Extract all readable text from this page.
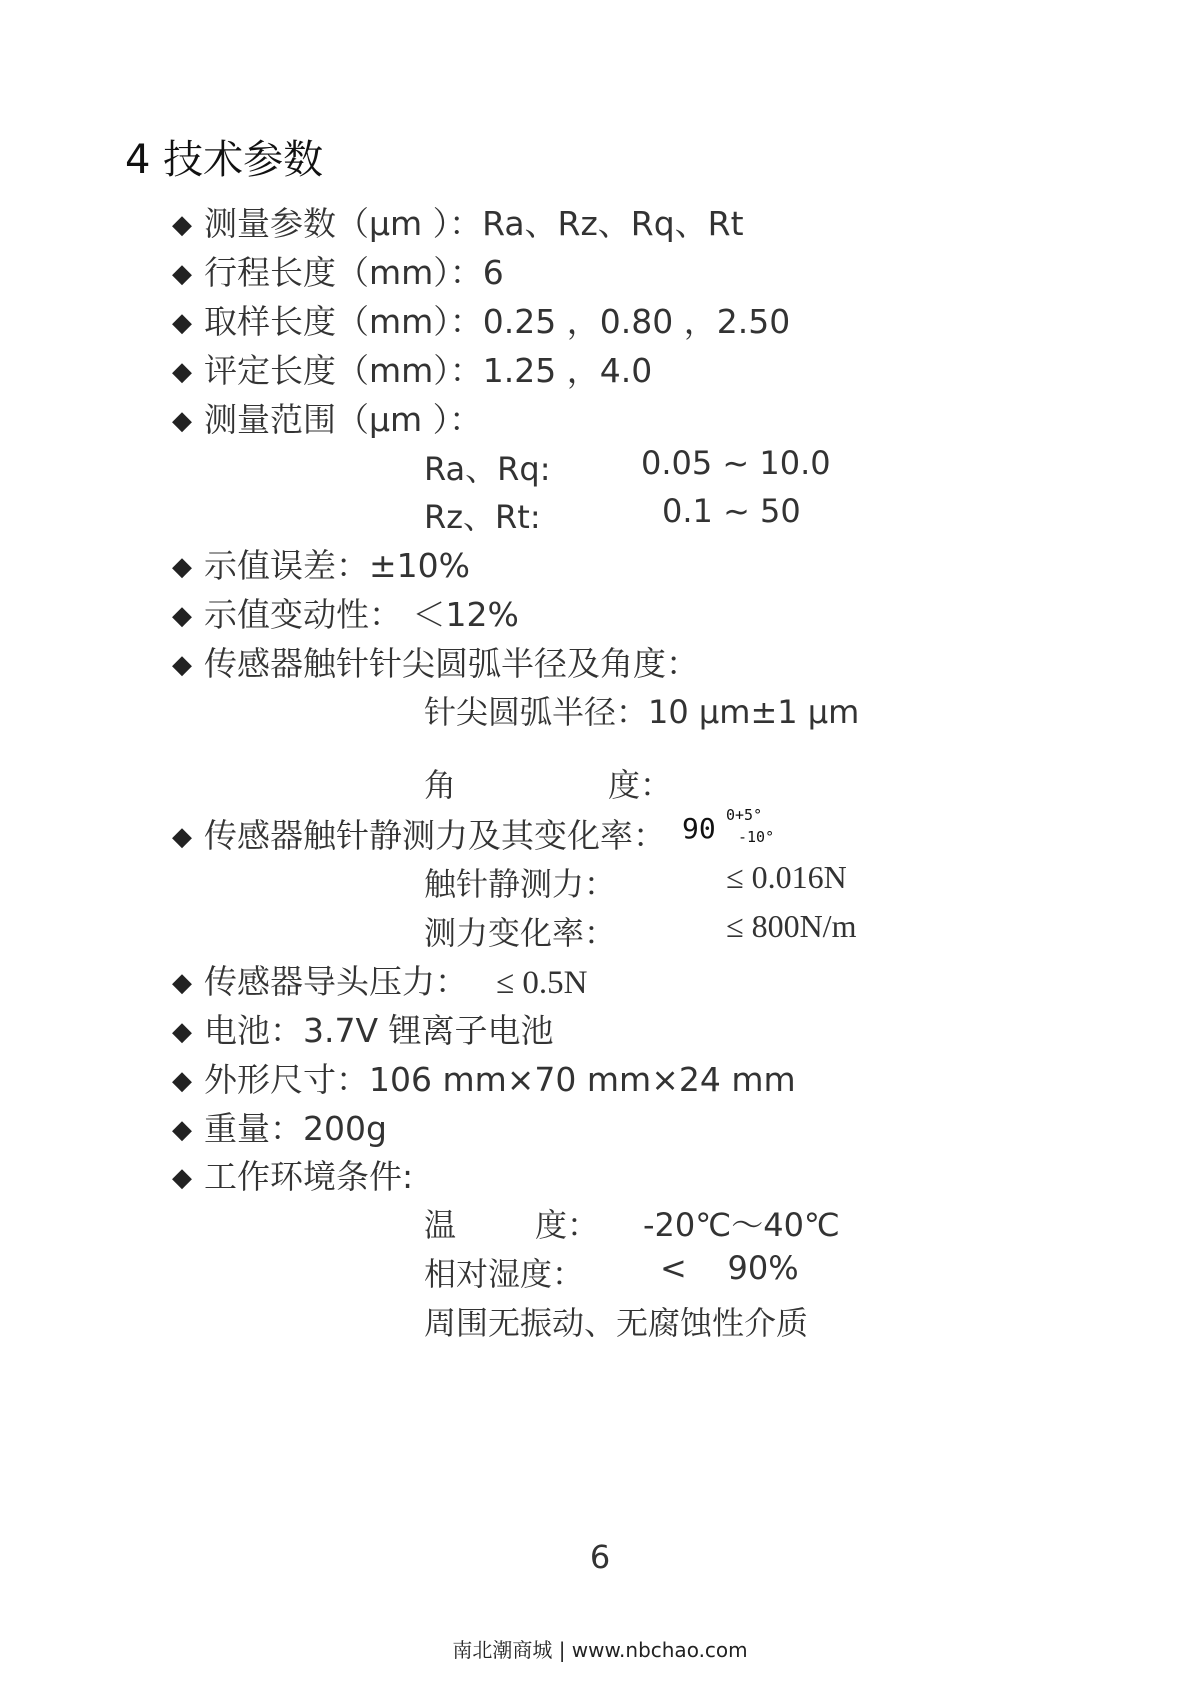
4 技术参数
◆ 测量参数（μm ）：Ra、Rz、Rq、Rt
◆ 行程长度（mm）：6
◆ 取样长度（mm）：0.25 ，0.80 ，2.50
◆ 评定长度（mm）：1.25 ，4.0
◆ 测量范围（μm ）：
Ra、Rq:	0.05 ~ 10.0
Rz、Rt:	0.1 ~ 50
◆ 示值误差：±10%
◆ 示值变动性： ＜12%
◆ 传感器触针针尖圆弧半径及角度：
针尖圆弧半径：10 μm±1 μm
角	度：
90 0+5°
-10°
◆ 传感器触针静测力及其变化率：
触针静测力：	≤ 0.016N
测力变化率：	≤ 800N/m
◆ 传感器导头压力： ≤ 0.5N
◆ 电池：3.7V 锂离子电池
◆ 外形尺寸：106 mm×70 mm×24 mm
◆ 重量：200g
◆ 工作环境条件:
温 度： -20℃～40℃
相对湿度： <    90%
周围无振动、无腐蚀性介质
6
南北潮商城 | www.nbchao.com
